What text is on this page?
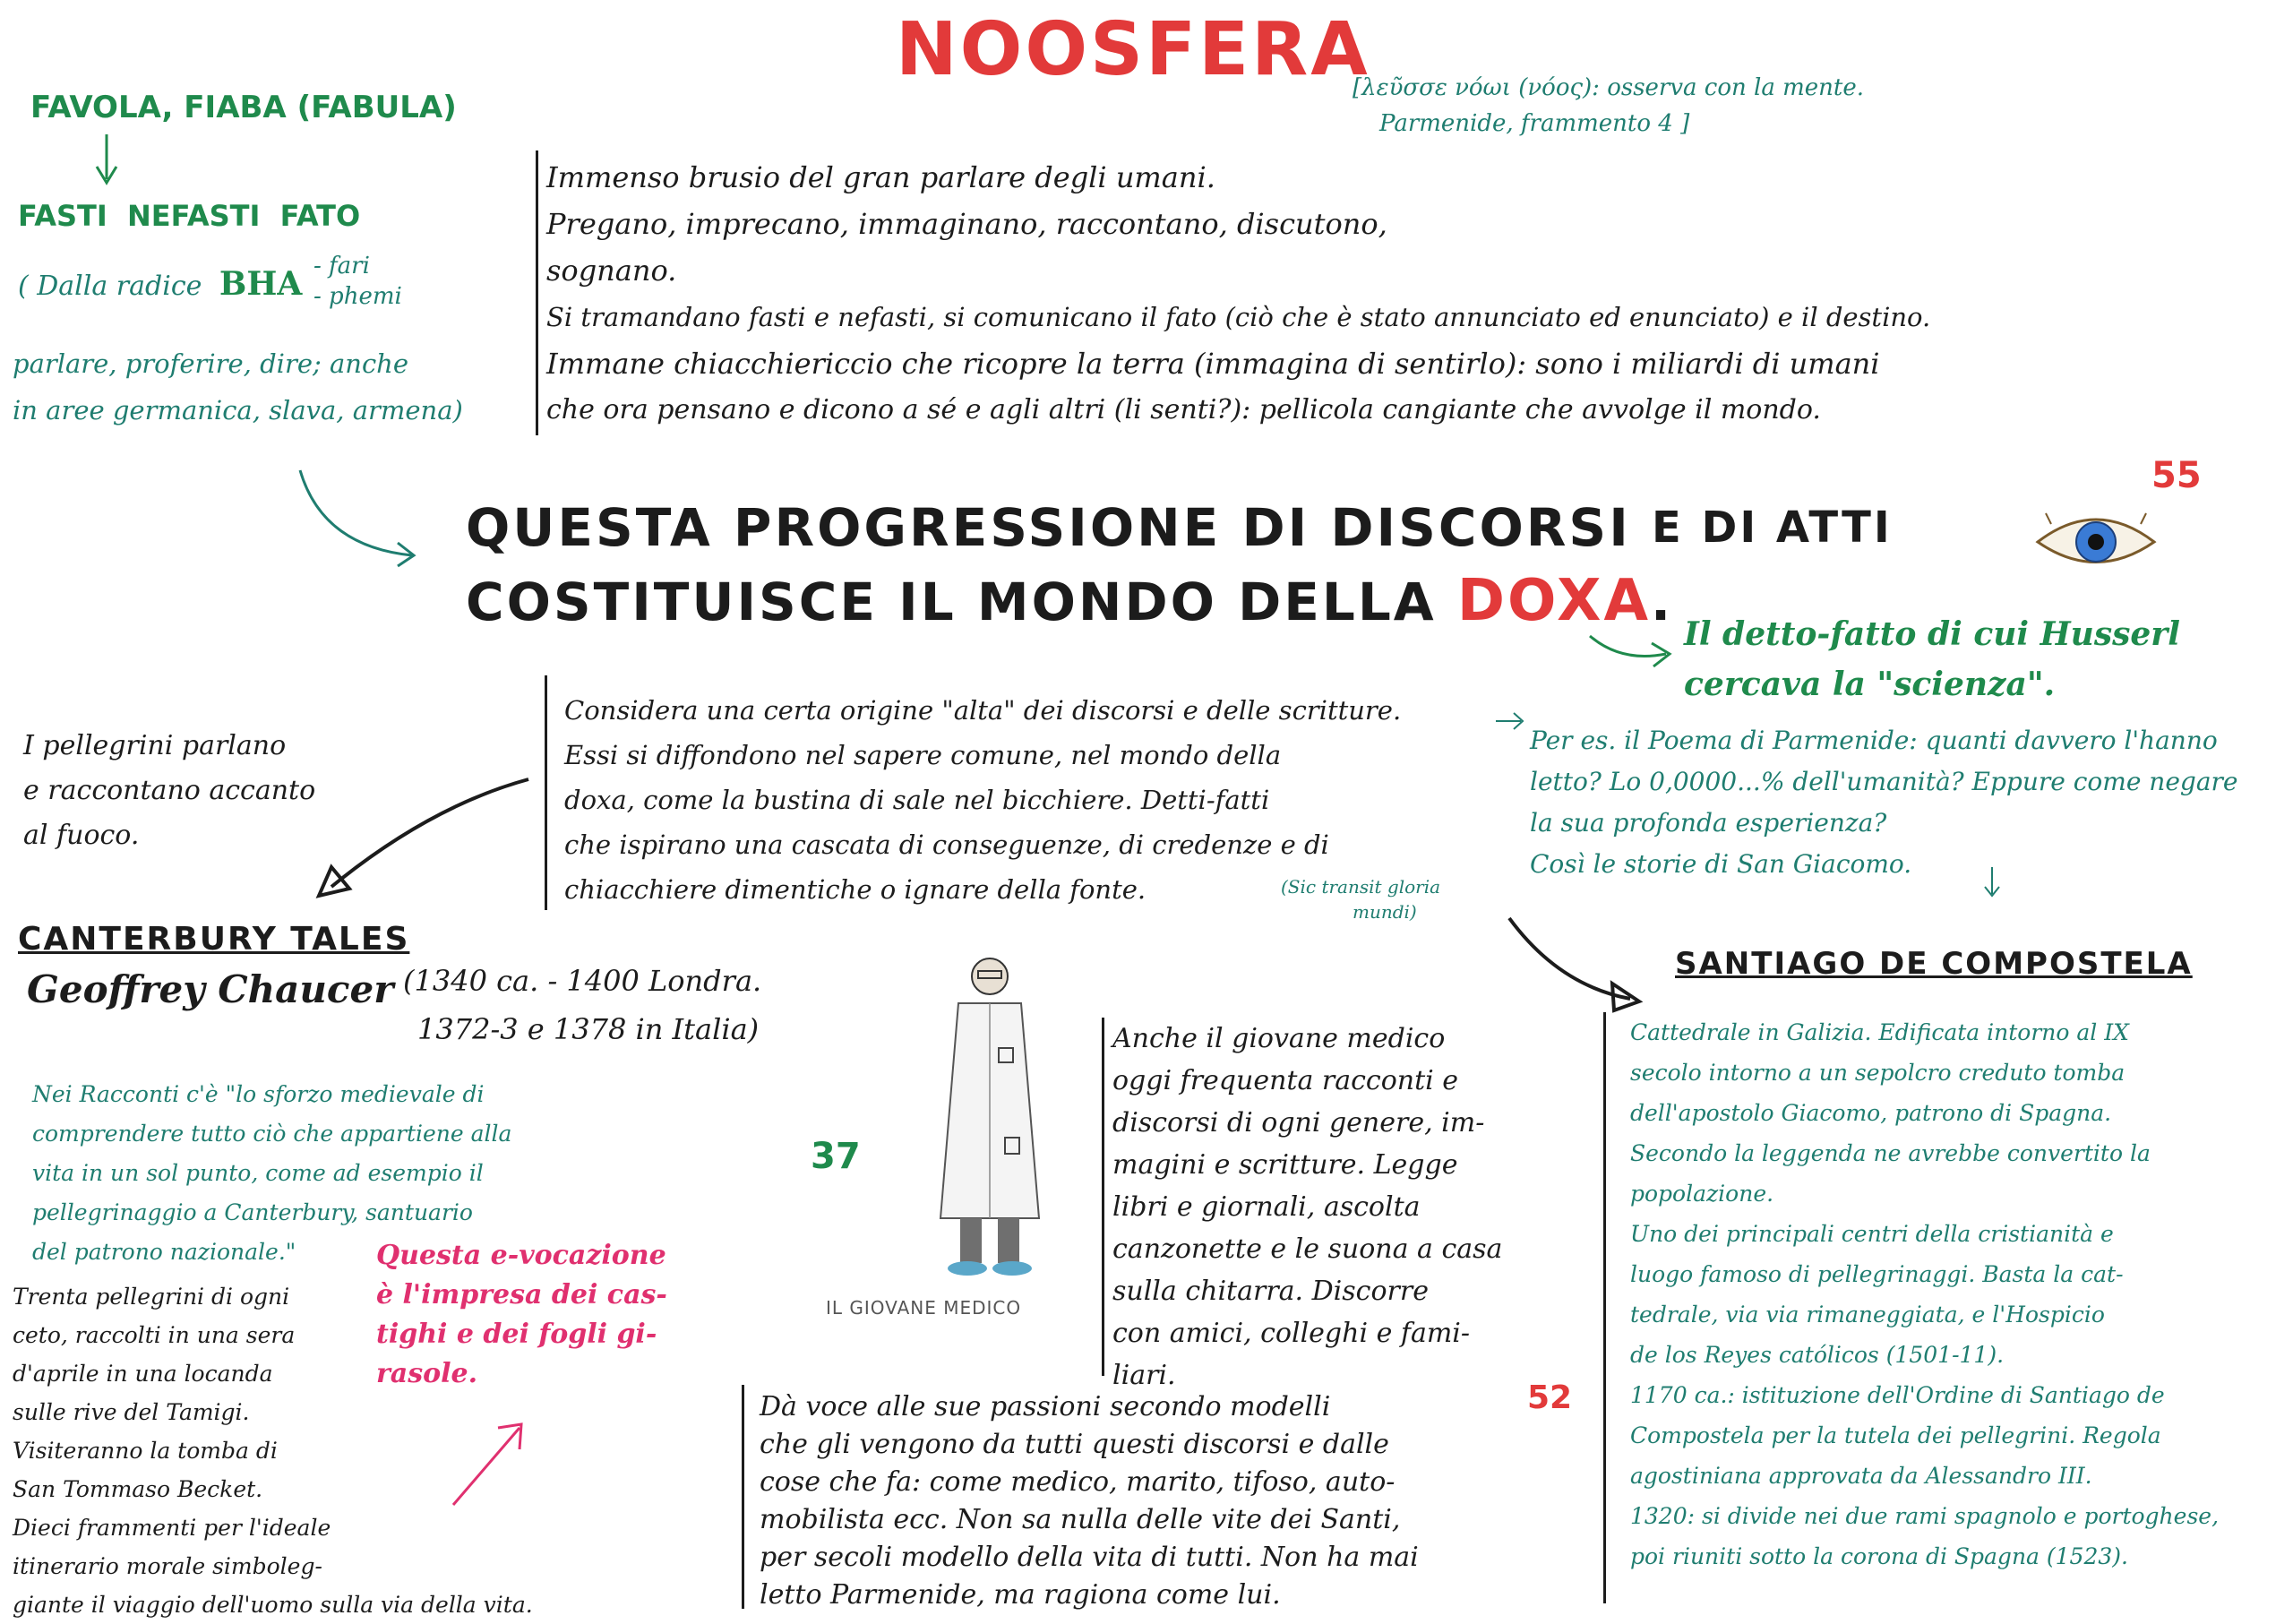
NOOSFERA
[λεῦσσε νόωι (νόος): osserva con la mente.
Parmenide, frammento 4 ]
FAVOLA, FIABA (FABULA)
FASTI  NEFASTI  FATO
( Dalla radice BHA - fari
- phemi
parlare, proferire, dire; anche
in aree germanica, slava, armena)
Immenso brusio del gran parlare degli umani.
Pregano, imprecano, immaginano, raccontano, discutono,
sognano.
Si tramandano fasti e nefasti, si comunicano il fato (ciò che è stato annunciato ed enunciato) e il destino.
Immane chiacchiericcio che ricopre la terra (immagina di sentirlo): sono i miliardi di umani
che ora pensano e dicono a sé e agli altri (li senti?): pellicola cangiante che avvolge il mondo.
QUESTA PROGRESSIONE DI DISCORSI $^{E DI ATTI}$
COSTITUISCE IL MONDO DELLA DOXA.
55
Il detto-fatto di cui Husserl
cercava la "scienza".
Considera una certa origine "alta" dei discorsi e delle scritture.
Essi si diffondono nel sapere comune, nel mondo della
doxa, come la bustina di sale nel bicchiere. Detti-fatti
che ispirano una cascata di conseguenze, di credenze e di
chiacchiere dimentiche o ignare della fonte.	(Sic transit gloria
mundi)
Per es. il Poema di Parmenide: quanti davvero l'hanno
letto? Lo 0,0000...% dell'umanità? Eppure come negare
la sua profonda esperienza?
Così le storie di San Giacomo.
I pellegrini parlano
e raccontano accanto
al fuoco.
CANTERBURY TALES
Geoffrey Chaucer (1340 ca. - 1400 Londra.
1372-3 e 1378 in Italia)
Nei Racconti c'è "lo sforzo medievale di
comprendere tutto ciò che appartiene alla
vita in un sol punto, come ad esempio il
pellegrinaggio a Canterbury, santuario
del patrono nazionale."
Trenta pellegrini di ogni
ceto, raccolti in una sera
d'aprile in una locanda
sulle rive del Tamigi.
Visiteranno la tomba di
San Tommaso Becket.
Dieci frammenti per l'ideale
itinerario morale simboleg-
giante il viaggio dell'uomo sulla via della vita.
Questa e-vocazione
è l'impresa dei cas-
tighi e dei fogli gi-
rasole.
37
IL GIOVANE MEDICO
Anche il giovane medico
oggi frequenta racconti e
discorsi di ogni genere, im-
magini e scritture. Legge
libri e giornali, ascolta
canzonette e le suona a casa
sulla chitarra. Discorre
con amici, colleghi e fami-
liari.
Dà voce alle sue passioni secondo modelli
che gli vengono da tutti questi discorsi e dalle
cose che fa: come medico, marito, tifoso, auto-
mobilista ecc. Non sa nulla delle vite dei Santi,
per secoli modello della vita di tutti. Non ha mai
letto Parmenide, ma ragiona come lui.
52
SANTIAGO DE COMPOSTELA
Cattedrale in Galizia. Edificata intorno al IX
secolo intorno a un sepolcro creduto tomba
dell'apostolo Giacomo, patrono di Spagna.
Secondo la leggenda ne avrebbe convertito la
popolazione.
Uno dei principali centri della cristianità e
luogo famoso di pellegrinaggi. Basta la cat-
tedrale, via via rimaneggiata, e l'Hospicio
de los Reyes católicos (1501-11).
1170 ca.: istituzione dell'Ordine di Santiago de
Compostela per la tutela dei pellegrini. Regola
agostiniana approvata da Alessandro III.
1320: si divide nei due rami spagnolo e portoghese,
poi riuniti sotto la corona di Spagna (1523).
